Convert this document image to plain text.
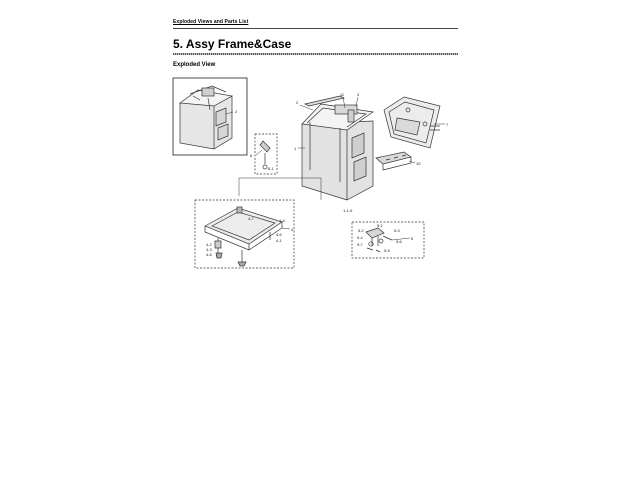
Exploded Views and Parts List
5. Assy Frame&Case
Exploded View
2
2
11	3
7
1
6
6-1
10
1-1-9
4
4-4
4-5
4-1
4-2
4-3
4-6
4-7
5
5-1
5-2	5-3
5-4
5-5
5-6
5-7
